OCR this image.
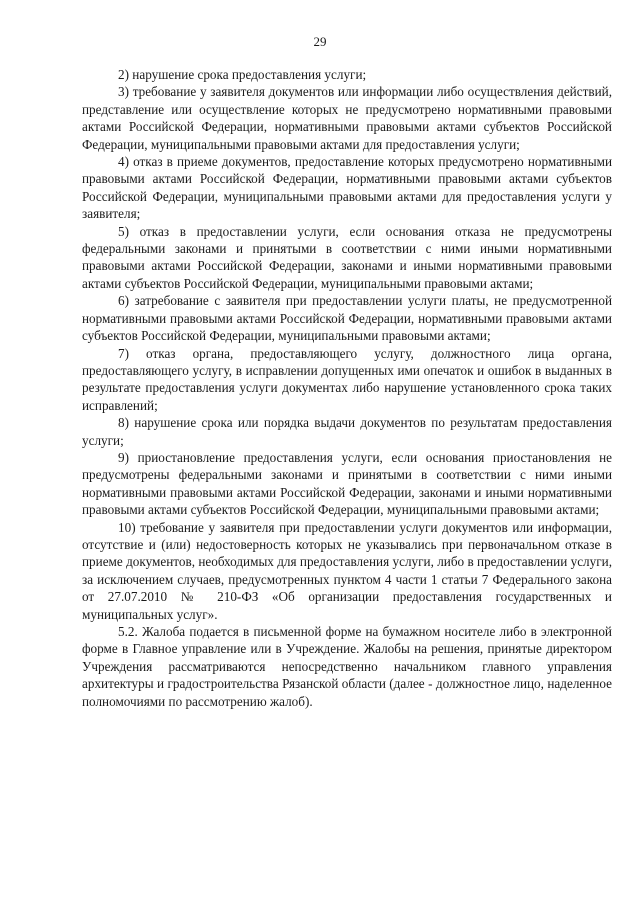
29

2) нарушение срока предоставления услуги;

3) требование у заявителя документов или информации либо осуществления действий, представление или осуществление которых не предусмотрено нормативными правовыми актами Российской Федерации, нормативными правовыми актами субъектов Российской Федерации, муниципальными правовыми актами для предоставления услуги;

4) отказ в приеме документов, предоставление которых предусмотрено нормативными правовыми актами Российской Федерации, нормативными правовыми актами субъектов Российской Федерации, муниципальными правовыми актами для предоставления услуги у заявителя;

5) отказ в предоставлении услуги, если основания отказа не предусмотрены федеральными законами и принятыми в соответствии с ними иными нормативными правовыми актами Российской Федерации, законами и иными нормативными правовыми актами субъектов Российской Федерации, муниципальными правовыми актами;

6) затребование с заявителя при предоставлении услуги платы, не предусмотренной нормативными правовыми актами Российской Федерации, нормативными правовыми актами субъектов Российской Федерации, муниципальными правовыми актами;

7) отказ органа, предоставляющего услугу, должностного лица органа, предоставляющего услугу, в исправлении допущенных ими опечаток и ошибок в выданных в результате предоставления услуги документах либо нарушение установленного срока таких исправлений;

8) нарушение срока или порядка выдачи документов по результатам предоставления услуги;

9) приостановление предоставления услуги, если основания приостановления не предусмотрены федеральными законами и принятыми в соответствии с ними иными нормативными правовыми актами Российской Федерации, законами и иными нормативными правовыми актами субъектов Российской Федерации, муниципальными правовыми актами;

10) требование у заявителя при предоставлении услуги документов или информации, отсутствие и (или) недостоверность которых не указывались при первоначальном отказе в приеме документов, необходимых для предоставления услуги, либо в предоставлении услуги, за исключением случаев, предусмотренных пунктом 4 части 1 статьи 7 Федерального закона от 27.07.2010 № 210-ФЗ «Об организации предоставления государственных и муниципальных услуг».

5.2. Жалоба подается в письменной форме на бумажном носителе либо в электронной форме в Главное управление или в Учреждение. Жалобы на решения, принятые директором Учреждения рассматриваются непосредственно начальником главного управления архитектуры и градостроительства Рязанской области (далее - должностное лицо, наделенное полномочиями по рассмотрению жалоб).
